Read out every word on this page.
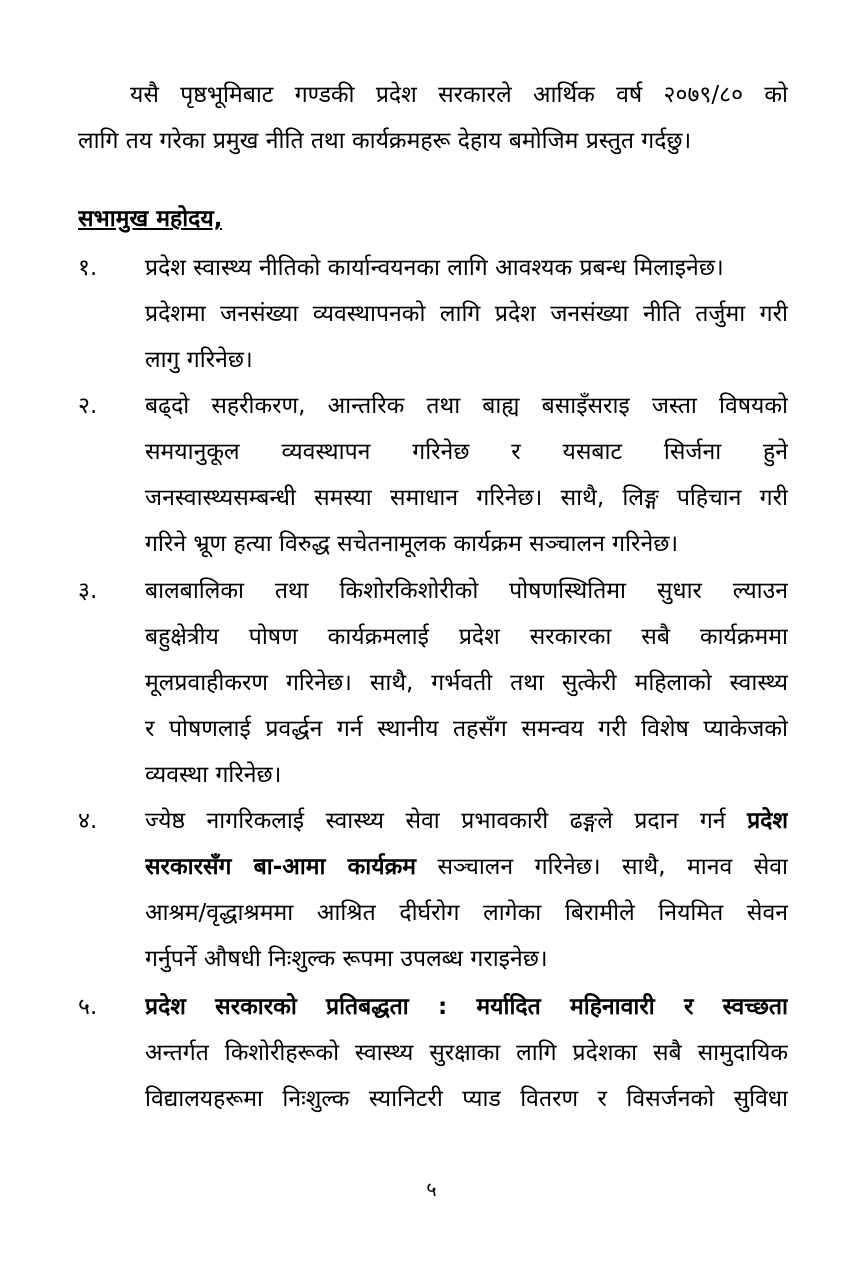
यसै पृष्ठभूमिबाट गण्डकी प्रदेश सरकारले आर्थिक वर्ष २०७९/८० को
लागि तय गरेका प्रमुख नीति तथा कार्यक्रमहरू देहाय बमोजिम प्रस्तुत गर्दछु।
सभामुख महोदय,
१.	प्रदेश स्वास्थ्य नीतिको कार्यान्वयनका लागि आवश्यक प्रबन्ध मिलाइनेछ।
प्रदेशमा जनसंख्या व्यवस्थापनको लागि प्रदेश जनसंख्या नीति तर्जुमा गरी
लागु गरिनेछ।
२.	बढ्दो सहरीकरण, आन्तरिक तथा बाह्य बसाइँसराइ जस्ता विषयको
समयानुकूल व्यवस्थापन गरिनेछ र यसबाट सिर्जना हुने
जनस्वास्थ्यसम्बन्धी समस्या समाधान गरिनेछ। साथै, लिङ्ग पहिचान गरी
गरिने भ्रूण हत्या विरुद्ध सचेतनामूलक कार्यक्रम सञ्चालन गरिनेछ।
३.	बालबालिका तथा किशोरकिशोरीको पोषणस्थितिमा सुधार ल्याउन
बहुक्षेत्रीय पोषण कार्यक्रमलाई प्रदेश सरकारका सबै कार्यक्रममा
मूलप्रवाहीकरण गरिनेछ। साथै, गर्भवती तथा सुत्केरी महिलाको स्वास्थ्य
र पोषणलाई प्रवर्द्धन गर्न स्थानीय तहसँग समन्वय गरी विशेष प्याकेजको
व्यवस्था गरिनेछ।
४.	ज्येष्ठ नागरिकलाई स्वास्थ्य सेवा प्रभावकारी ढङ्गले प्रदान गर्न प्रदेश
सरकारसँग बा-आमा कार्यक्रम सञ्चालन गरिनेछ। साथै, मानव सेवा
आश्रम/वृद्धाश्रममा आश्रित दीर्घरोग लागेका बिरामीले नियमित सेवन
गर्नुपर्ने औषधी निःशुल्क रूपमा उपलब्ध गराइनेछ।
५.	प्रदेश सरकारको प्रतिबद्धता : मर्यादित महिनावारी र स्वच्छता
अन्तर्गत किशोरीहरूको स्वास्थ्य सुरक्षाका लागि प्रदेशका सबै सामुदायिक
विद्यालयहरूमा निःशुल्क स्यानिटरी प्याड वितरण र विसर्जनको सुविधा
५
